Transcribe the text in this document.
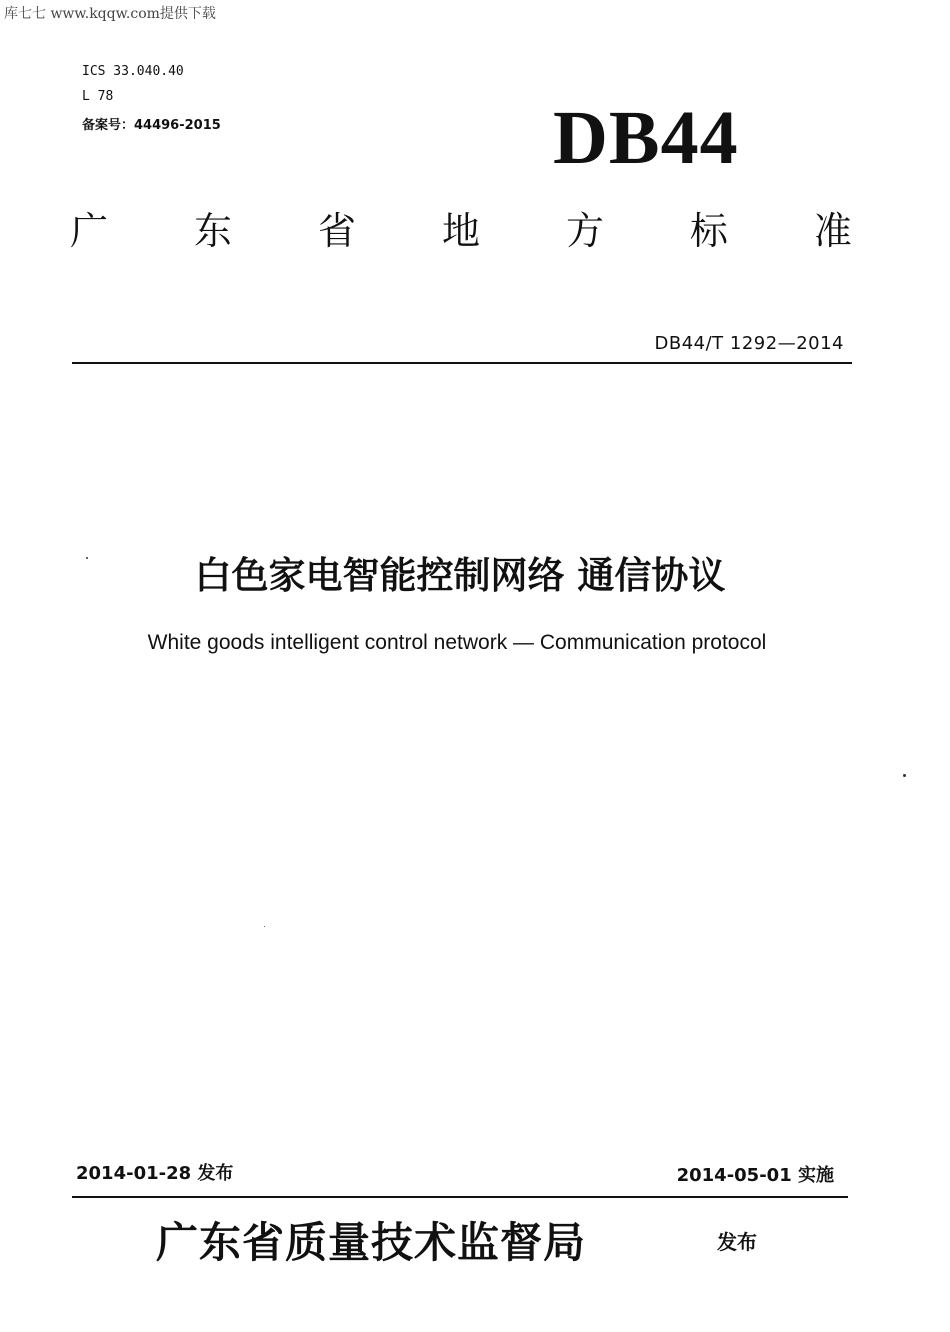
库七七 www.kqqw.com提供下载
ICS 33.040.40
L 78
备案号：44496-2015	DB44
广 东 省 地 方 标 准
DB44/T 1292—2014
白色家电智能控制网络 通信协议
White goods intelligent control network — Communication protocol
2014-01-28 发布	2014-05-01 实施
广东省质量技术监督局	发布
